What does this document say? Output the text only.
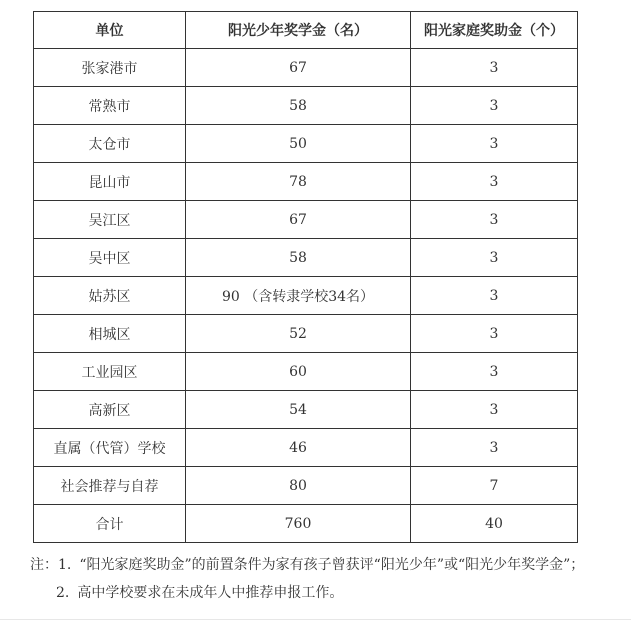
单位	阳光少年奖学金（名）	阳光家庭奖助金（个）
张家港市	67	3
常熟市	58	3
太仓市	50	3
昆山市	78	3
吴江区	67	3
吴中区	58	3
姑苏区	90 （含转隶学校34名）	3
相城区	52	3
工业园区	60	3
高新区	54	3
直属（代管）学校	46	3
社会推荐与自荐	80	7
合计	760	40
注：1. “阳光家庭奖助金”的前置条件为家有孩子曾获评“阳光少年”或“阳光少年奖学金”；
2. 高中学校要求在未成年人中推荐申报工作。
